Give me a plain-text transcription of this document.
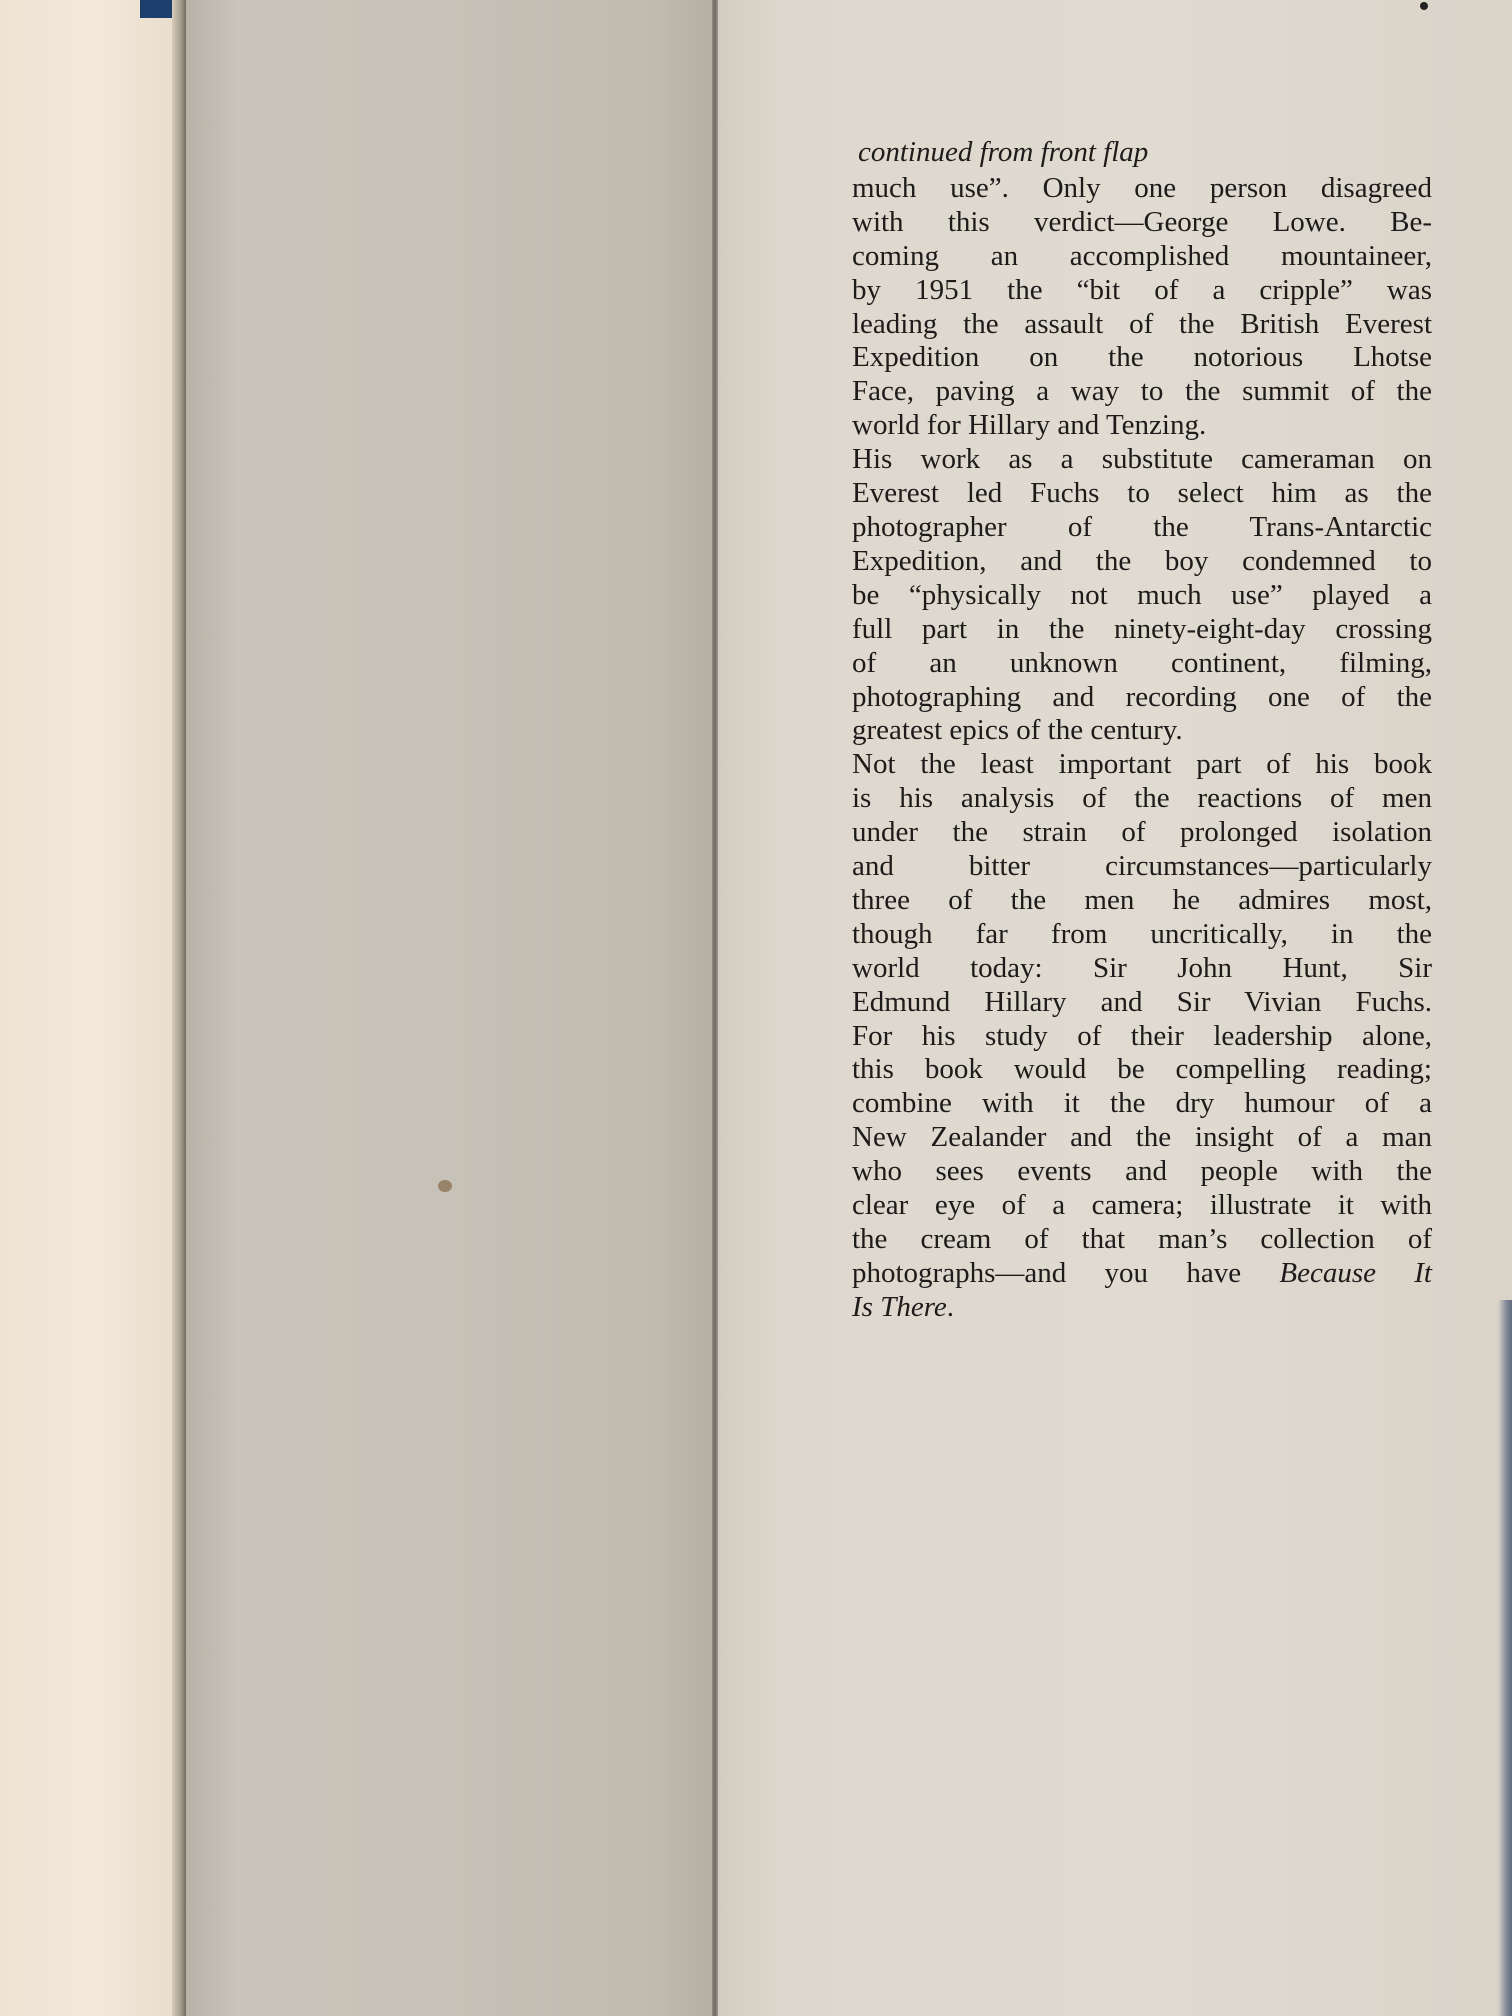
continued from front flap

much use”. Only one person disagreed
with this verdict—George Lowe. Be-
coming an accomplished mountaineer,
by 1951 the “bit of a cripple” was
leading the assault of the British Everest
Expedition on the notorious Lhotse
Face, paving a way to the summit of the
world for Hillary and Tenzing.

His work as a substitute cameraman on
Everest led Fuchs to select him as the
photographer of the Trans-Antarctic
Expedition, and the boy condemned to
be “physically not much use” played a
full part in the ninety-eight-day crossing
of an unknown continent, filming,
photographing and recording one of the
greatest epics of the century.

Not the least important part of his book
is his analysis of the reactions of men
under the strain of prolonged isolation
and bitter circumstances—particularly
three of the men he admires most,
though far from uncritically, in the
world today: Sir John Hunt, Sir
Edmund Hillary and Sir Vivian Fuchs.
For his study of their leadership alone,
this book would be compelling reading;
combine with it the dry humour of a
New Zealander and the insight of a man
who sees events and people with the
clear eye of a camera; illustrate it with
the cream of that man’s collection of
photographs—and you have Because It
Is There.
